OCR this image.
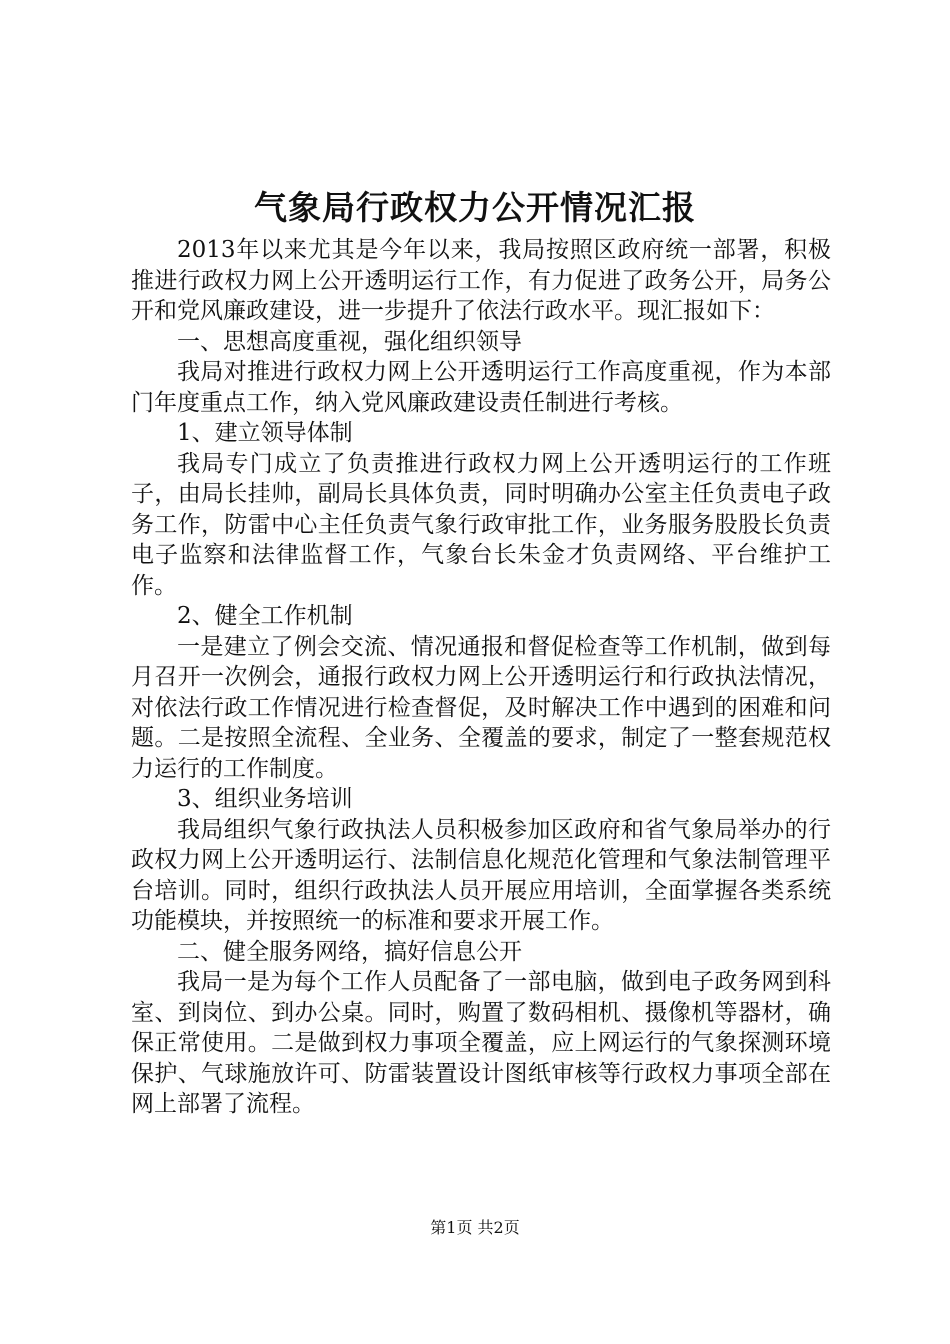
气象局行政权力公开情况汇报

2013年以来尤其是今年以来，我局按照区政府统一部署，积极推进行政权力网上公开透明运行工作，有力促进了政务公开，局务公开和党风廉政建设，进一步提升了依法行政水平。现汇报如下：

一、思想高度重视，强化组织领导

我局对推进行政权力网上公开透明运行工作高度重视，作为本部门年度重点工作，纳入党风廉政建设责任制进行考核。

1、建立领导体制

我局专门成立了负责推进行政权力网上公开透明运行的工作班子，由局长挂帅，副局长具体负责，同时明确办公室主任负责电子政务工作，防雷中心主任负责气象行政审批工作，业务服务股股长负责电子监察和法律监督工作，气象台长朱金才负责网络、平台维护工作。

2、健全工作机制

一是建立了例会交流、情况通报和督促检查等工作机制，做到每月召开一次例会，通报行政权力网上公开透明运行和行政执法情况，对依法行政工作情况进行检查督促，及时解决工作中遇到的困难和问题。二是按照全流程、全业务、全覆盖的要求，制定了一整套规范权力运行的工作制度。

3、组织业务培训

我局组织气象行政执法人员积极参加区政府和省气象局举办的行政权力网上公开透明运行、法制信息化规范化管理和气象法制管理平台培训。同时，组织行政执法人员开展应用培训，全面掌握各类系统功能模块，并按照统一的标准和要求开展工作。

二、健全服务网络，搞好信息公开

我局一是为每个工作人员配备了一部电脑，做到电子政务网到科室、到岗位、到办公桌。同时，购置了数码相机、摄像机等器材，确保正常使用。二是做到权力事项全覆盖，应上网运行的气象探测环境保护、气球施放许可、防雷装置设计图纸审核等行政权力事项全部在网上部署了流程。

第1页 共2页
